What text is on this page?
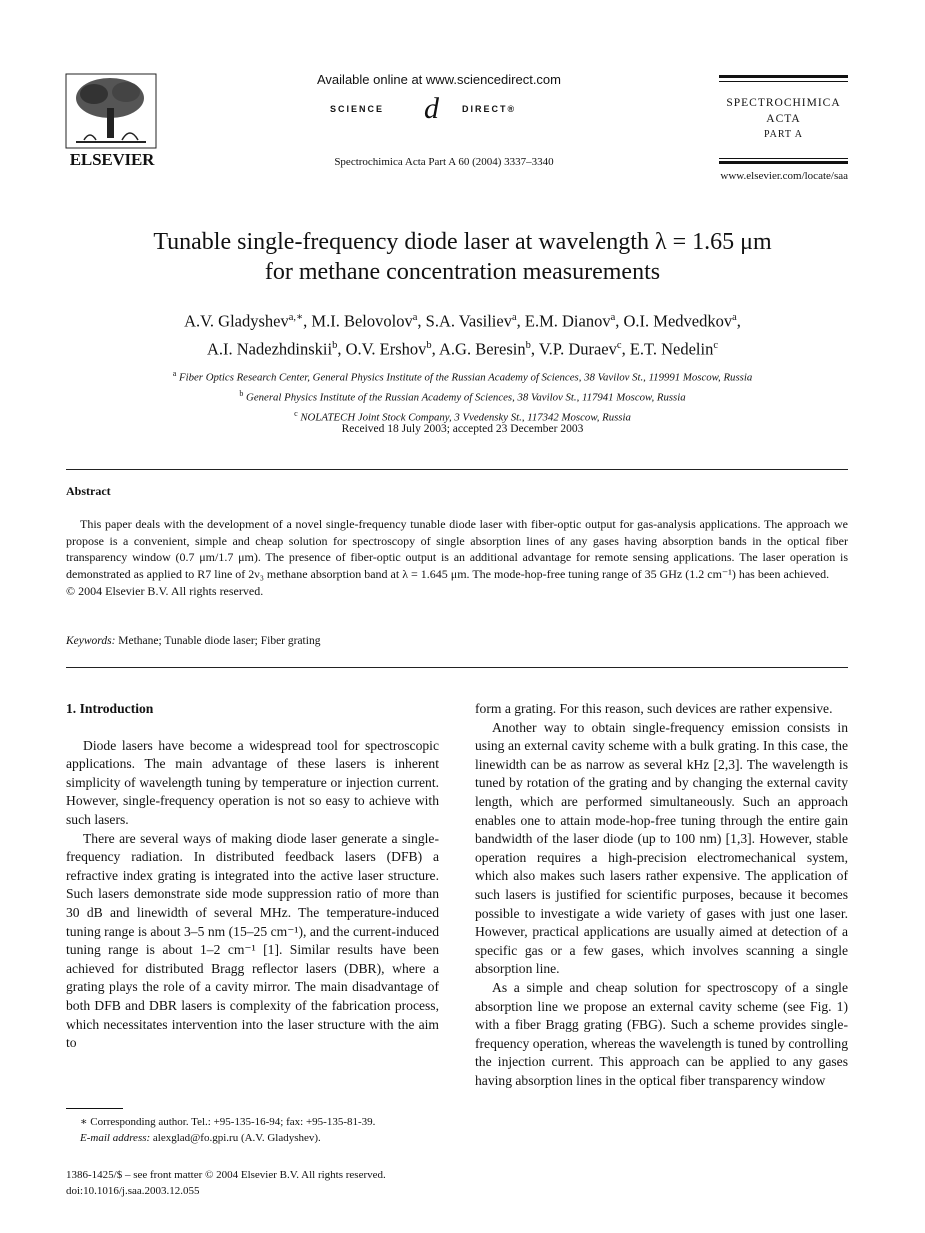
ELSEVIER
Available online at www.sciencedirect.com
SCIENCE d	DIRECT®
Spectrochimica Acta Part A 60 (2004) 3337–3340
SPECTROCHIMICA
ACTA
PART A
www.elsevier.com/locate/saa
Tunable single-frequency diode laser at wavelength λ = 1.65 μm
for methane concentration measurements
A.V. Gladyshev$^{a,∗}$, M.I. Belovolov$^a$, S.A. Vasiliev$^a$, E.M. Dianov$^a$, O.I. Medvedkov$^a$,
A.I. Nadezhdinskii$^b$, O.V. Ershov$^b$, A.G. Beresin$^b$, V.P. Duraev$^c$, E.T. Nedelin$^c$
$^a$ Fiber Optics Research Center, General Physics Institute of the Russian Academy of Sciences, 38 Vavilov St., 119991 Moscow, Russia
$^b$ General Physics Institute of the Russian Academy of Sciences, 38 Vavilov St., 117941 Moscow, Russia
$^c$ NOLATECH Joint Stock Company, 3 Vvedensky St., 117342 Moscow, Russia
Received 18 July 2003; accepted 23 December 2003
Abstract

This paper deals with the development of a novel single-frequency tunable diode laser with fiber-optic output for gas-analysis applications. The approach we propose is a convenient, simple and cheap solution for spectroscopy of single absorption lines of any gases having absorption bands in the optical fiber transparency window (0.7 μm/1.7 μm). The presence of fiber-optic output is an additional advantage for remote sensing applications. The laser operation is demonstrated as applied to R7 line of 2ν₃ methane absorption band at λ = 1.645 μm. The mode-hop-free tuning range of 35 GHz (1.2 cm⁻¹) has been achieved.

© 2004 Elsevier B.V. All rights reserved.
Keywords: Methane; Tunable diode laser; Fiber grating
1. Introduction

Diode lasers have become a widespread tool for spectroscopic applications. The main advantage of these lasers is inherent simplicity of wavelength tuning by temperature or injection current. However, single-frequency operation is not so easy to achieve with such lasers.

There are several ways of making diode laser generate a single-frequency radiation. In distributed feedback lasers (DFB) a refractive index grating is integrated into the active laser structure. Such lasers demonstrate side mode suppression ratio of more than 30 dB and linewidth of several MHz. The temperature-induced tuning range is about 3–5 nm (15–25 cm⁻¹), and the current-induced tuning range is about 1–2 cm⁻¹ [1]. Similar results have been achieved for distributed Bragg reflector lasers (DBR), where a grating plays the role of a cavity mirror. The main disadvantage of both DFB and DBR lasers is complexity of the fabrication process, which necessitates intervention into the laser structure with the aim to

form a grating. For this reason, such devices are rather expensive.

Another way to obtain single-frequency emission consists in using an external cavity scheme with a bulk grating. In this case, the linewidth can be as narrow as several kHz [2,3]. The wavelength is tuned by rotation of the grating and by changing the external cavity length, which are performed simultaneously. Such an approach enables one to attain mode-hop-free tuning through the entire gain bandwidth of the laser diode (up to 100 nm) [1,3]. However, stable operation requires a high-precision electromechanical system, which also makes such lasers rather expensive. The application of such lasers is justified for scientific purposes, because it becomes possible to investigate a wide variety of gases with just one laser. However, practical applications are usually aimed at detection of a specific gas or a few gases, which involves scanning a single absorption line.

As a simple and cheap solution for spectroscopy of a single absorption line we propose an external cavity scheme (see Fig. 1) with a fiber Bragg grating (FBG). Such a scheme provides single-frequency operation, whereas the wavelength is tuned by controlling the injection current. This approach can be applied to any gases having absorption lines in the optical fiber transparency window

∗ Corresponding author. Tel.: +95-135-16-94; fax: +95-135-81-39.

E-mail address: alexglad@fo.gpi.ru (A.V. Gladyshev).

1386-1425/$ – see front matter © 2004 Elsevier B.V. All rights reserved.
doi:10.1016/j.saa.2003.12.055
